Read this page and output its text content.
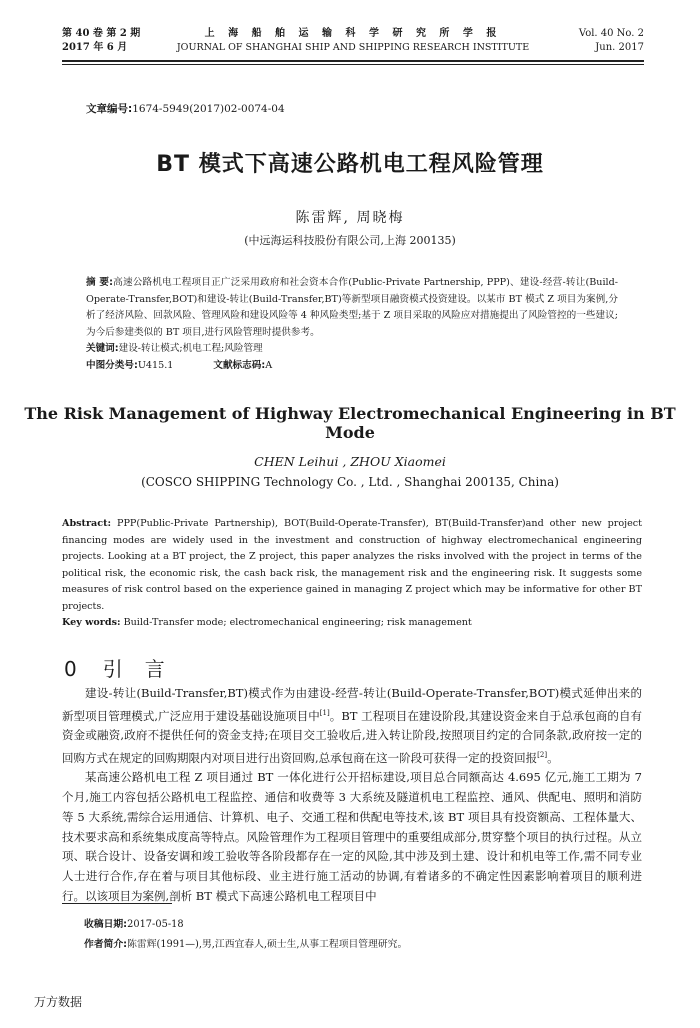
第 40 卷 第 2 期
2017 年 6 月
上 海 船 舶 运 输 科 学 研 究 所 学 报
JOURNAL OF SHANGHAI SHIP AND SHIPPING RESEARCH INSTITUTE
Vol. 40 No. 2
Jun. 2017
文章编号:1674-5949(2017)02-0074-04
BT 模式下高速公路机电工程风险管理
陈雷辉, 周晓梅
(中远海运科技股份有限公司,上海 200135)
摘 要:高速公路机电工程项目正广泛采用政府和社会资本合作(Public-Private Partnership, PPP)、建设-经营-转让(Build-Operate-Transfer,BOT)和建设-转让(Build-Transfer,BT)等新型项目融资模式投资建设。以某市 BT 模式 Z 项目为案例,分析了经济风险、回款风险、管理风险和建设风险等 4 种风险类型;基于 Z 项目采取的风险应对措施提出了风险管控的一些建议;为今后参建类似的 BT 项目,进行风险管理时提供参考。
关键词:建设-转让模式;机电工程;风险管理
中图分类号:U415.1	文献标志码:A
The Risk Management of Highway Electromechanical Engineering in BT Mode
CHEN Leihui , ZHOU Xiaomei
(COSCO SHIPPING Technology Co. , Ltd. , Shanghai 200135, China)
Abstract: PPP(Public-Private Partnership), BOT(Build-Operate-Transfer), BT(Build-Transfer)and other new project financing modes are widely used in the investment and construction of highway electromechanical engineering projects. Looking at a BT project, the Z project, this paper analyzes the risks involved with the project in terms of the political risk, the economic risk, the cash back risk, the management risk and the engineering risk. It suggests some measures of risk control based on the experience gained in managing Z project which may be informative for other BT projects.
Key words: Build-Transfer mode; electromechanical engineering; risk management
0 引言

建设-转让(Build-Transfer,BT)模式作为由建设-经营-转让(Build-Operate-Transfer,BOT)模式延伸出来的新型项目管理模式,广泛应用于建设基础设施项目中[1]。BT 工程项目在建设阶段,其建设资金来自于总承包商的自有资金或融资,政府不提供任何的资金支持;在项目交工验收后,进入转让阶段,按照项目约定的合同条款,政府按一定的回购方式在规定的回购期限内对项目进行出资回购,总承包商在这一阶段可获得一定的投资回报[2]。

某高速公路机电工程 Z 项目通过 BT 一体化进行公开招标建设,项目总合同额高达 4.695 亿元,施工工期为 7 个月,施工内容包括公路机电工程监控、通信和收费等 3 大系统及隧道机电工程监控、通风、供配电、照明和消防等 5 大系统,需综合运用通信、计算机、电子、交通工程和供配电等技术,该 BT 项目具有投资额高、工程体量大、技术要求高和系统集成度高等特点。风险管理作为工程项目管理中的重要组成部分,贯穿整个项目的执行过程。从立项、联合设计、设备安调和竣工验收等各阶段都存在一定的风险,其中涉及到土建、设计和机电等工作,需不同专业人士进行合作,存在着与项目其他标段、业主进行施工活动的协调,有着诸多的不确定性因素影响着项目的顺利进行。以该项目为案例,剖析 BT 模式下高速公路机电工程项目中

收稿日期:2017-05-18
作者简介:陈雷辉(1991—),男,江西宜春人,硕士生,从事工程项目管理研究。
万方数据
